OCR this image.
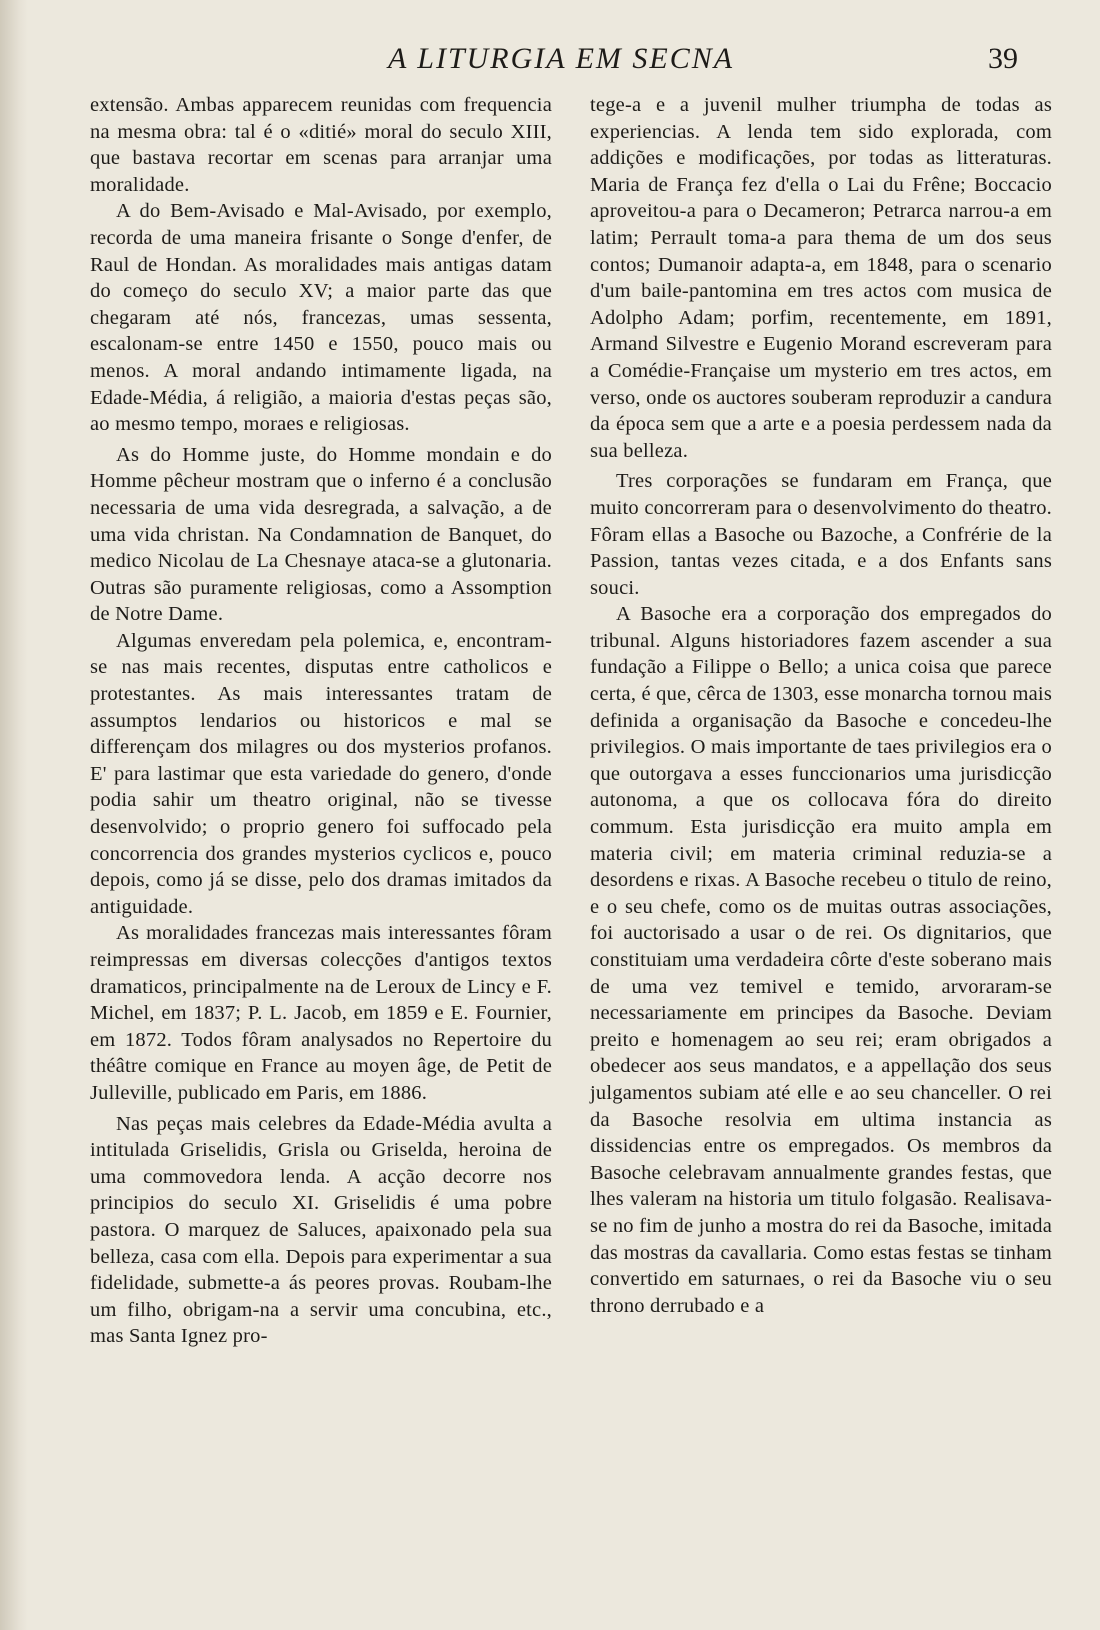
A LITURGIA EM SECNA	39

extensão. Ambas apparecem reunidas com frequencia na mesma obra: tal é o «ditié» moral do seculo XIII, que bastava recortar em scenas para arranjar uma moralidade.

A do Bem-Avisado e Mal-Avisado, por exemplo, recorda de uma maneira frisante o Songe d'enfer, de Raul de Hondan. As moralidades mais antigas datam do começo do seculo XV; a maior parte das que chegaram até nós, francezas, umas sessenta, escalonam-se entre 1450 e 1550, pouco mais ou menos. A moral andando intimamente ligada, na Edade-Média, á religião, a maioria d'estas peças são, ao mesmo tempo, moraes e religiosas.

As do Homme juste, do Homme mondain e do Homme pêcheur mostram que o inferno é a conclusão necessaria de uma vida desregrada, a salvação, a de uma vida christan. Na Condamnation de Banquet, do medico Nicolau de La Chesnaye ataca-se a glutonaria. Outras são puramente religiosas, como a Assomption de Notre Dame.

Algumas enveredam pela polemica, e, encontram-se nas mais recentes, disputas entre catholicos e protestantes. As mais interessantes tratam de assumptos lendarios ou historicos e mal se differençam dos milagres ou dos mysterios profanos. E' para lastimar que esta variedade do genero, d'onde podia sahir um theatro original, não se tivesse desenvolvido; o proprio genero foi suffocado pela concorrencia dos grandes mysterios cyclicos e, pouco depois, como já se disse, pelo dos dramas imitados da antiguidade.

As moralidades francezas mais interessantes fôram reimpressas em diversas colecções d'antigos textos dramaticos, principalmente na de Leroux de Lincy e F. Michel, em 1837; P. L. Jacob, em 1859 e E. Fournier, em 1872. Todos fôram analysados no Repertoire du théâtre comique en France au moyen âge, de Petit de Julleville, publicado em Paris, em 1886.

Nas peças mais celebres da Edade-Média avulta a intitulada Griselidis, Grisla ou Griselda, heroina de uma commovedora lenda. A acção decorre nos principios do seculo XI. Griselidis é uma pobre pastora. O marquez de Saluces, apaixonado pela sua belleza, casa com ella. Depois para experimentar a sua fidelidade, submette-a ás peores provas. Roubam-lhe um filho, obrigam-na a servir uma concubina, etc., mas Santa Ignez pro-

tege-a e a juvenil mulher triumpha de todas as experiencias. A lenda tem sido explorada, com addições e modificações, por todas as litteraturas. Maria de França fez d'ella o Lai du Frêne; Boccacio aproveitou-a para o Decameron; Petrarca narrou-a em latim; Perrault toma-a para thema de um dos seus contos; Dumanoir adapta-a, em 1848, para o scenario d'um baile-pantomina em tres actos com musica de Adolpho Adam; porfim, recentemente, em 1891, Armand Silvestre e Eugenio Morand escreveram para a Comédie-Française um mysterio em tres actos, em verso, onde os auctores souberam reproduzir a candura da época sem que a arte e a poesia perdessem nada da sua belleza.

Tres corporações se fundaram em França, que muito concorreram para o desenvolvimento do theatro. Fôram ellas a Basoche ou Bazoche, a Confrérie de la Passion, tantas vezes citada, e a dos Enfants sans souci.

A Basoche era a corporação dos empregados do tribunal. Alguns historiadores fazem ascender a sua fundação a Filippe o Bello; a unica coisa que parece certa, é que, cêrca de 1303, esse monarcha tornou mais definida a organisação da Basoche e concedeu-lhe privilegios. O mais importante de taes privilegios era o que outorgava a esses funccionarios uma jurisdicção autonoma, a que os collocava fóra do direito commum. Esta jurisdicção era muito ampla em materia civil; em materia criminal reduzia-se a desordens e rixas. A Basoche recebeu o titulo de reino, e o seu chefe, como os de muitas outras associações, foi auctorisado a usar o de rei. Os dignitarios, que constituiam uma verdadeira côrte d'este soberano mais de uma vez temivel e temido, arvoraram-se necessariamente em principes da Basoche. Deviam preito e homenagem ao seu rei; eram obrigados a obedecer aos seus mandatos, e a appellação dos seus julgamentos subiam até elle e ao seu chanceller. O rei da Basoche resolvia em ultima instancia as dissidencias entre os empregados. Os membros da Basoche celebravam annualmente grandes festas, que lhes valeram na historia um titulo folgasão. Realisava-se no fim de junho a mostra do rei da Basoche, imitada das mostras da cavallaria. Como estas festas se tinham convertido em saturnaes, o rei da Basoche viu o seu throno derrubado e a
